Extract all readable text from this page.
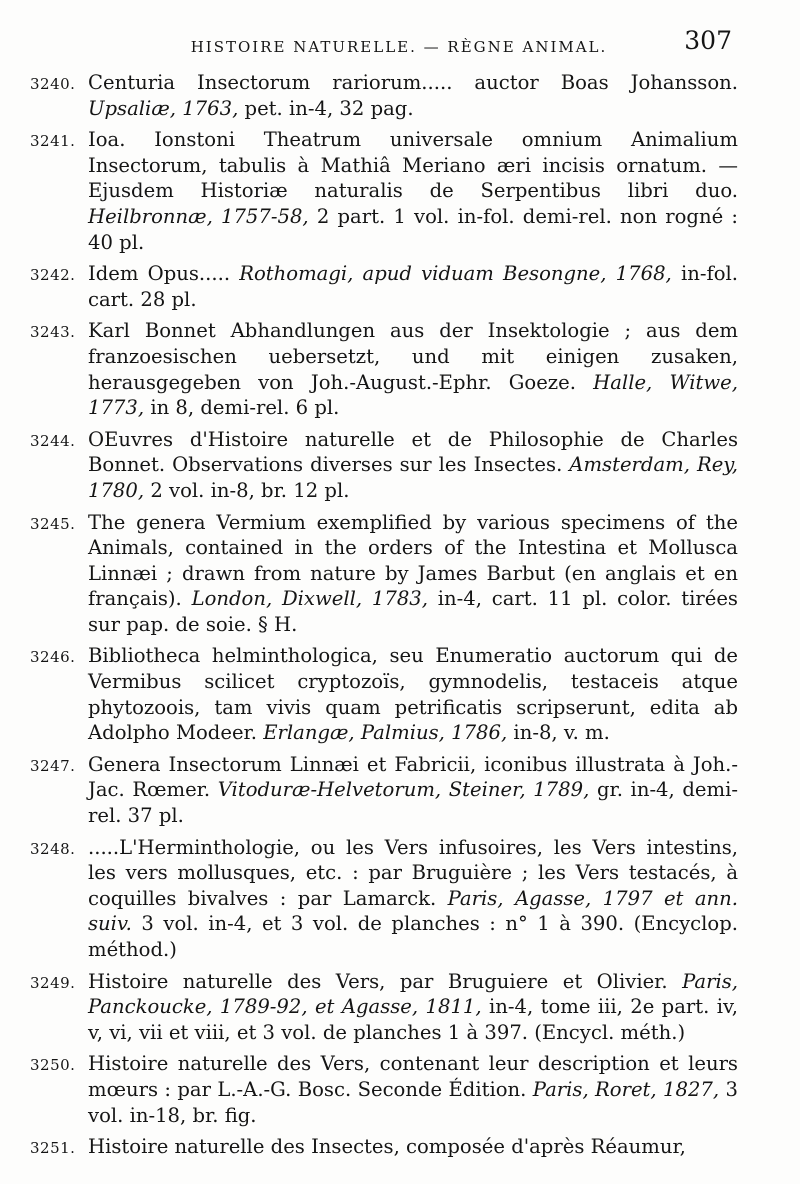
HISTOIRE NATURELLE. — RÈGNE ANIMAL.	307
3240. Centuria Insectorum rariorum..... auctor Boas Johansson. Upsaliæ, 1763, pet. in-4, 32 pag.
3241. Ioa. Ionstoni Theatrum universale omnium Animalium Insectorum, tabulis à Mathiâ Meriano æri incisis ornatum. — Ejusdem Historiæ naturalis de Serpentibus libri duo. Heilbronnæ, 1757-58, 2 part. 1 vol. in-fol. demi-rel. non rogné : 40 pl.
3242. Idem Opus..... Rothomagi, apud viduam Besongne, 1768, in-fol. cart. 28 pl.
3243. Karl Bonnet Abhandlungen aus der Insektologie ; aus dem franzoesischen uebersetzt, und mit einigen zusaken, herausgegeben von Joh.-August.-Ephr. Goeze. Halle, Witwe, 1773, in 8, demi-rel. 6 pl.
3244. OEuvres d'Histoire naturelle et de Philosophie de Charles Bonnet. Observations diverses sur les Insectes. Amsterdam, Rey, 1780, 2 vol. in-8, br. 12 pl.
3245. The genera Vermium exemplified by various specimens of the Animals, contained in the orders of the Intestina et Mollusca Linnæi ; drawn from nature by James Barbut (en anglais et en français). London, Dixwell, 1783, in-4, cart. 11 pl. color. tirées sur pap. de soie. § H.
3246. Bibliotheca helminthologica, seu Enumeratio auctorum qui de Vermibus scilicet cryptozoïs, gymnodelis, testaceis atque phytozoois, tam vivis quam petrificatis scripserunt, edita ab Adolpho Modeer. Erlangæ, Palmius, 1786, in-8, v. m.
3247. Genera Insectorum Linnæi et Fabricii, iconibus illustrata à Joh.-Jac. Rœmer. Vitoduræ-Helvetorum, Steiner, 1789, gr. in-4, demi-rel. 37 pl.
3248. .....L'Herminthologie, ou les Vers infusoires, les Vers intestins, les vers mollusques, etc. : par Bruguière ; les Vers testacés, à coquilles bivalves : par Lamarck. Paris, Agasse, 1797 et ann. suiv. 3 vol. in-4, et 3 vol. de planches : n° 1 à 390. (Encyclop. méthod.)
3249. Histoire naturelle des Vers, par Bruguiere et Olivier. Paris, Panckoucke, 1789-92, et Agasse, 1811, in-4, tome iii, 2e part. iv, v, vi, vii et viii, et 3 vol. de planches 1 à 397. (Encycl. méth.)
3250. Histoire naturelle des Vers, contenant leur description et leurs mœurs : par L.-A.-G. Bosc. Seconde Édition. Paris, Roret, 1827, 3 vol. in-18, br. fig.
3251. Histoire naturelle des Insectes, composée d'après Réaumur,
